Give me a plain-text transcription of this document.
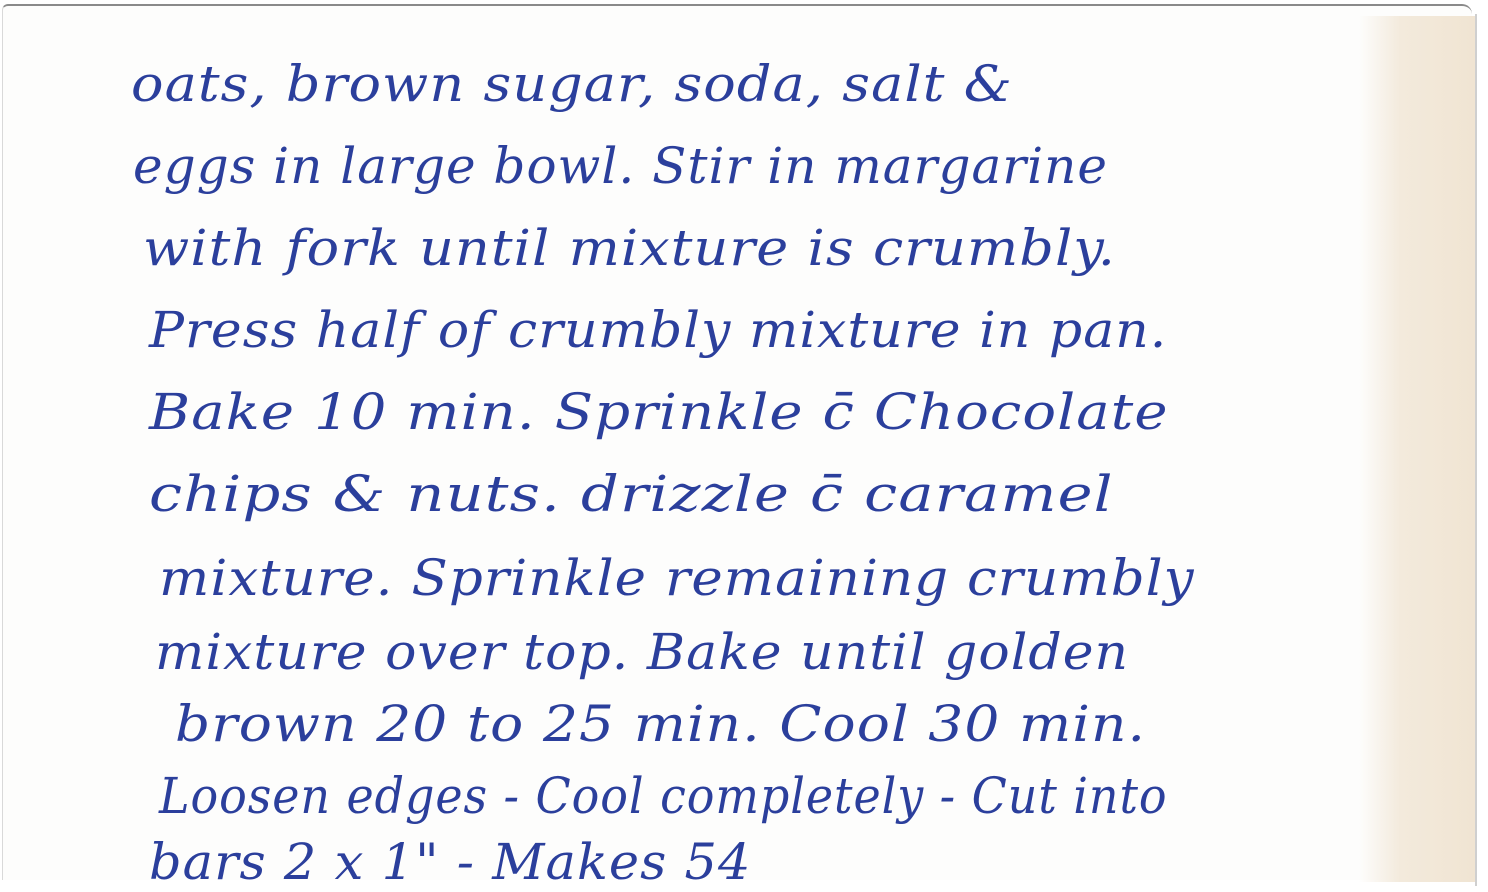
oats, brown sugar, soda, salt &
eggs in large bowl. Stir in margarine
with fork until mixture is crumbly.
Press half of crumbly mixture in pan.
Bake 10 min. Sprinkle c̄ Chocolate
chips & nuts. drizzle c̄ caramel
mixture. Sprinkle remaining crumbly
mixture over top. Bake until golden
brown 20 to 25 min. Cool 30 min.
Loosen edges - Cool completely - Cut into
bars 2 x 1" - Makes 54
